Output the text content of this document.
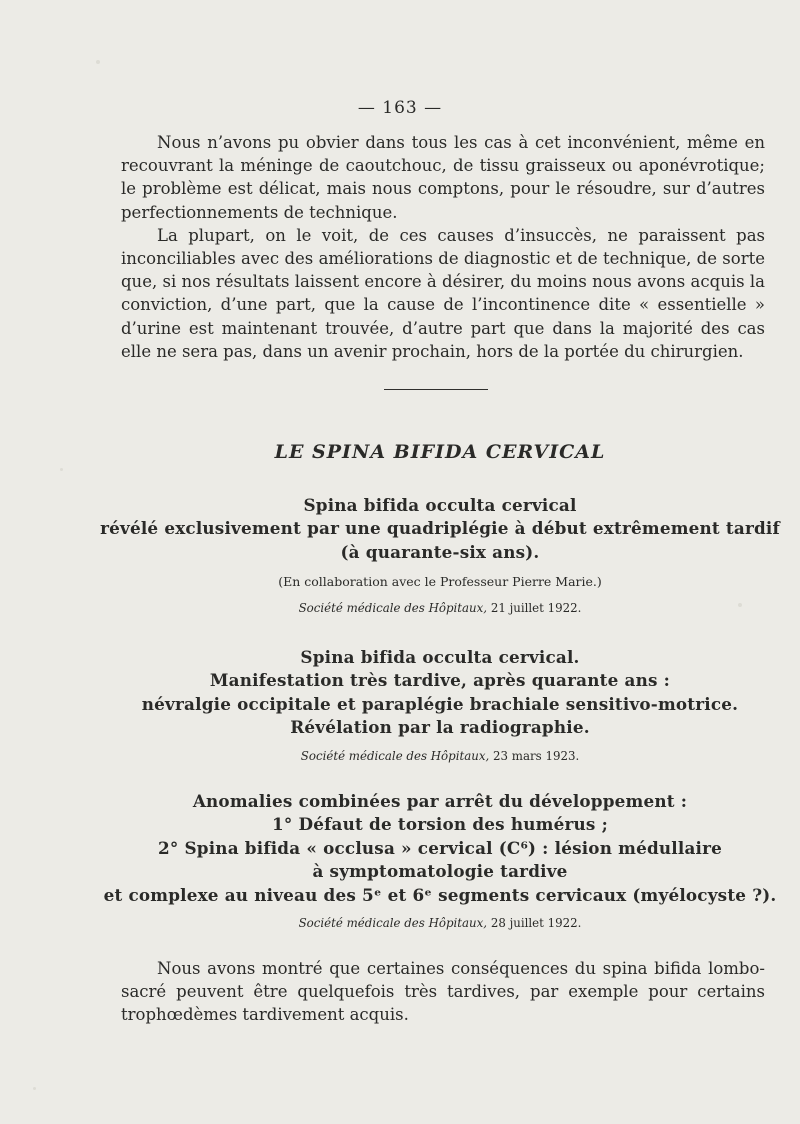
— 163 —

Nous n’avons pu obvier dans tous les cas à cet inconvénient, même en recouvrant la méninge de caoutchouc, de tissu graisseux ou aponévrotique; le problème est délicat, mais nous comptons, pour le résoudre, sur d’autres perfectionnements de technique.

La plupart, on le voit, de ces causes d’insuccès, ne paraissent pas inconciliables avec des améliorations de diagnostic et de technique, de sorte que, si nos résultats laissent encore à désirer, du moins nous avons acquis la conviction, d’une part, que la cause de l’incontinence dite « essentielle » d’urine est maintenant trouvée, d’autre part que dans la majorité des cas elle ne sera pas, dans un avenir prochain, hors de la portée du chirurgien.

LE SPINA BIFIDA CERVICAL
Spina bifida occulta cervical
révélé exclusivement par une quadriplégie à début extrêmement tardif
(à quarante-six ans).
(En collaboration avec le Professeur Pierre Marie.)
Société médicale des Hôpitaux, 21 juillet 1922.
Spina bifida occulta cervical.
Manifestation très tardive, après quarante ans :
névralgie occipitale et paraplégie brachiale sensitivo-motrice.
Révélation par la radiographie.
Société médicale des Hôpitaux, 23 mars 1923.
Anomalies combinées par arrêt du développement :
1° Défaut de torsion des humérus ;
2° Spina bifida « occlusa » cervical (C⁶) : lésion médullaire
à symptomatologie tardive
et complexe au niveau des 5ᵉ et 6ᵉ segments cervicaux (myélocyste ?).
Société médicale des Hôpitaux, 28 juillet 1922.

Nous avons montré que certaines conséquences du spina bifida lombo-sacré peuvent être quelquefois très tardives, par exemple pour certains trophœdèmes tardivement acquis.
